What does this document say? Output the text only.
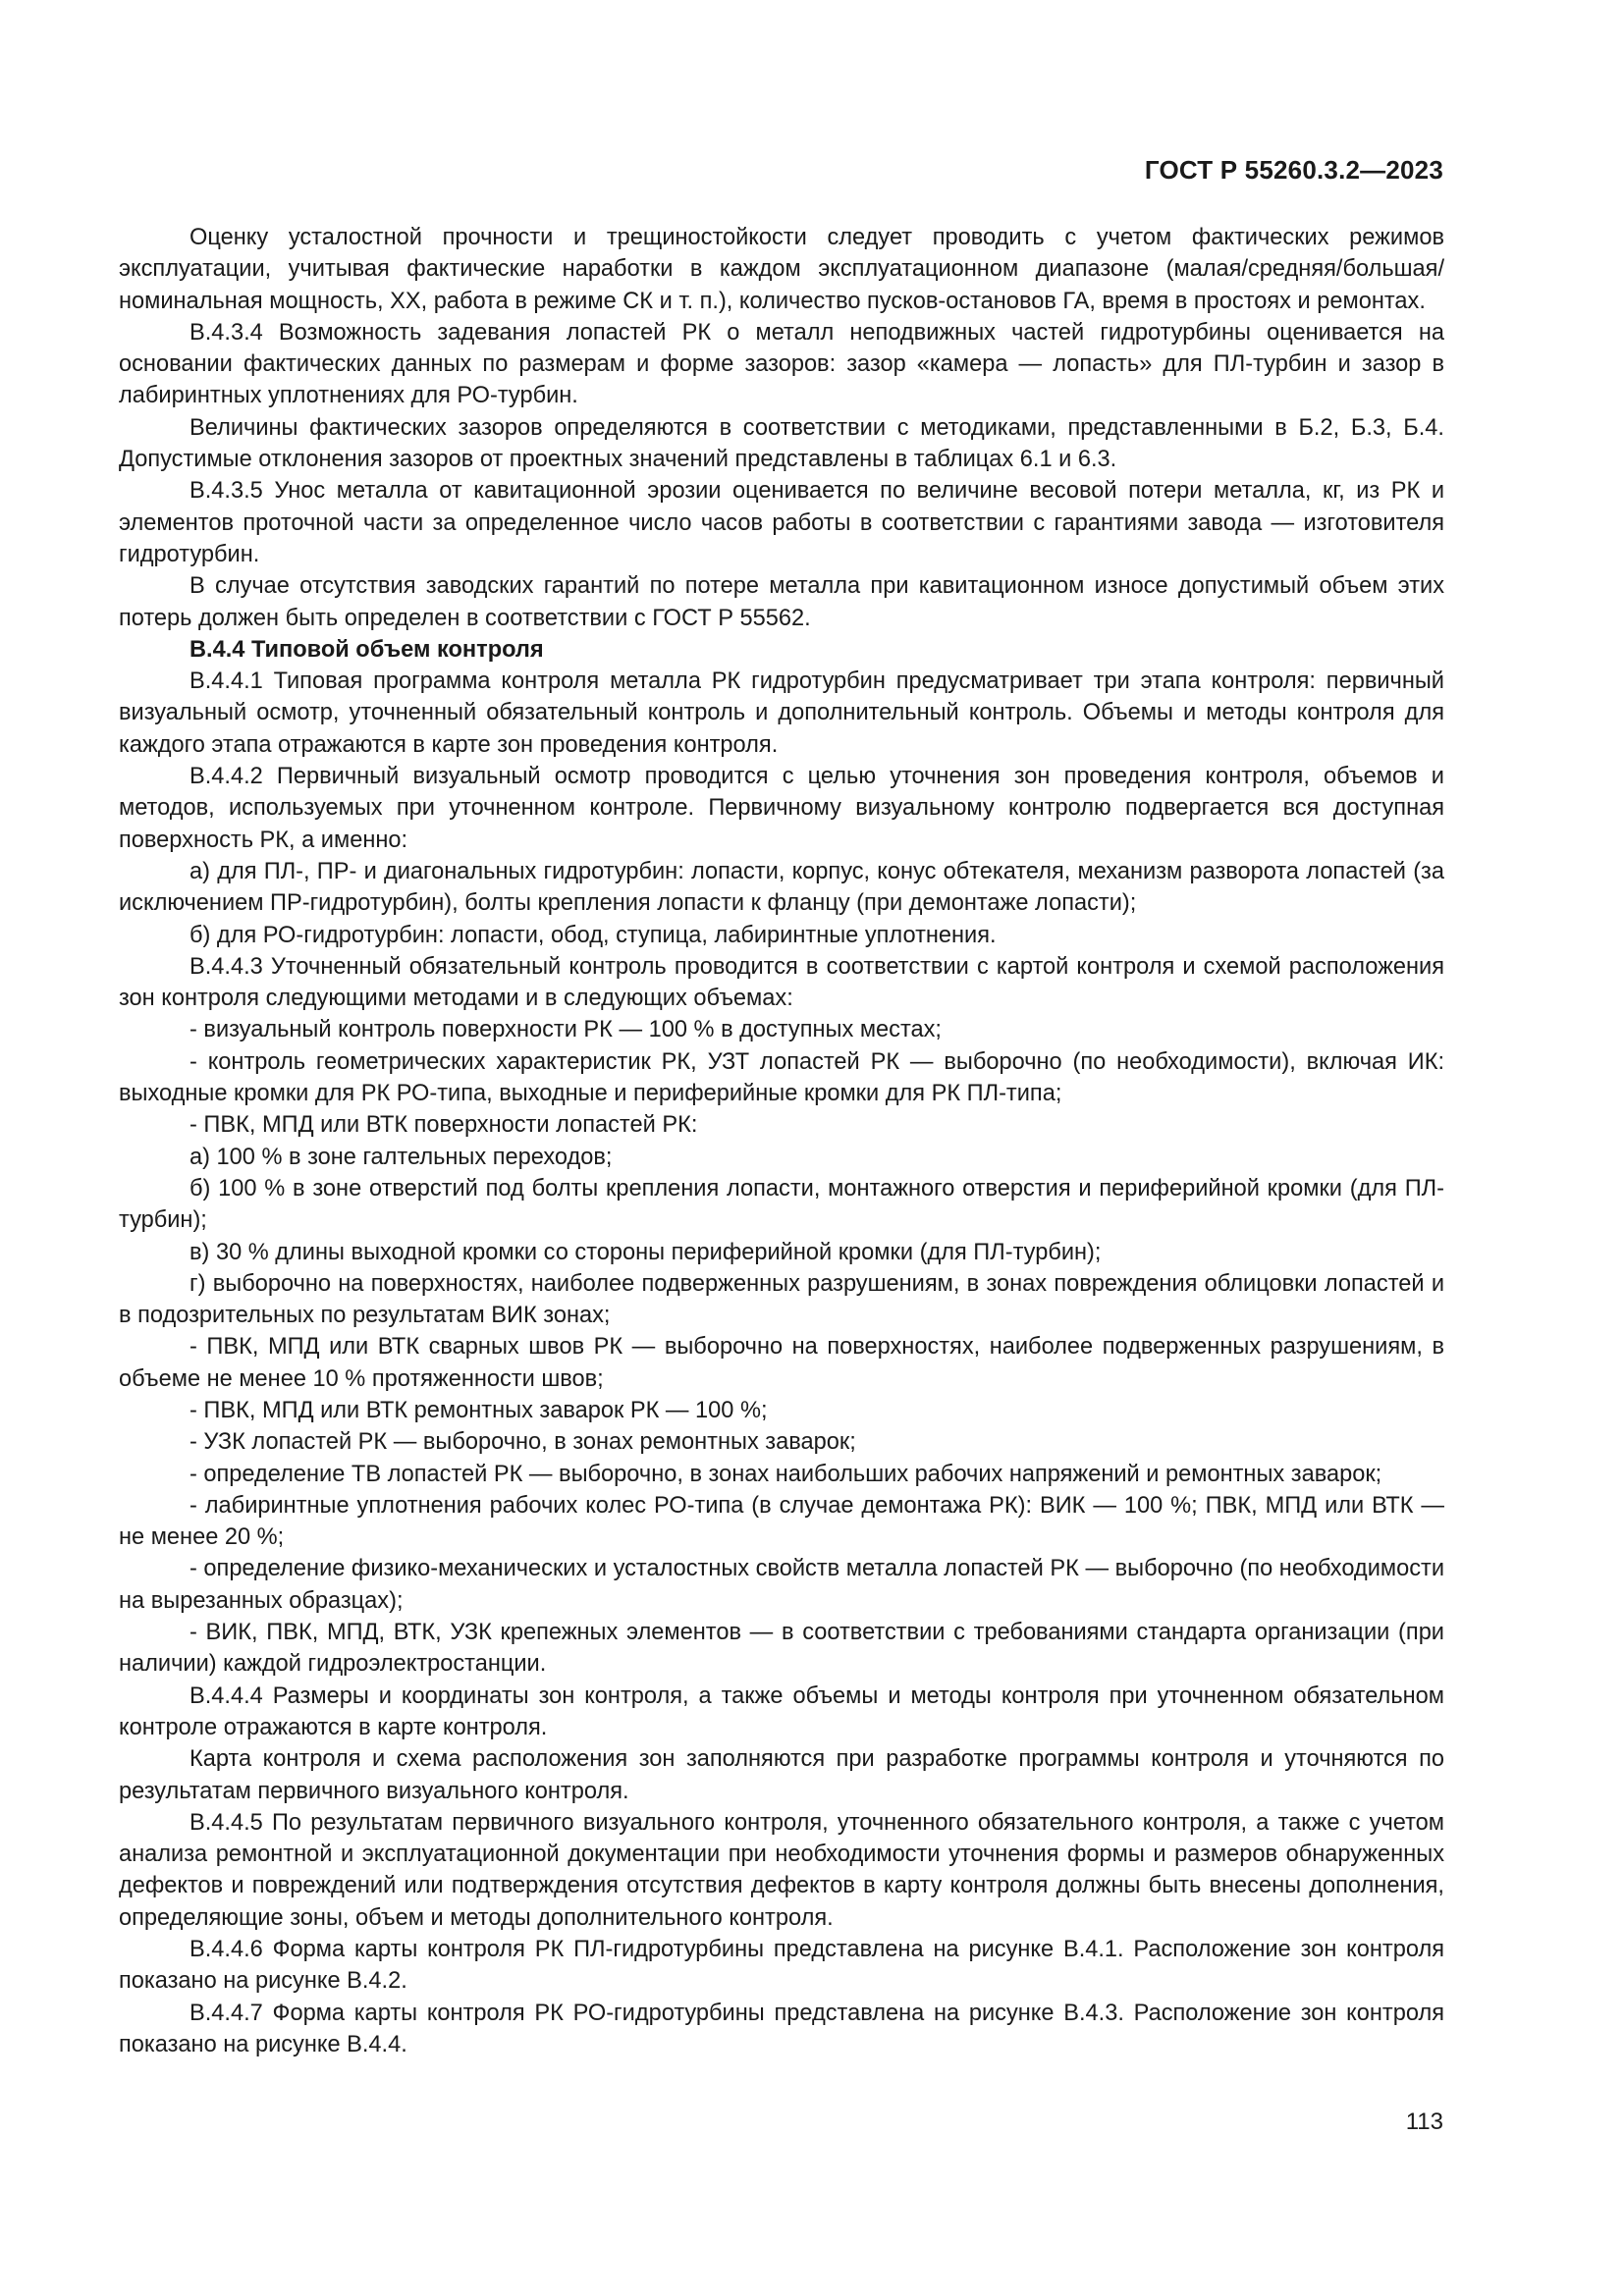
ГОСТ Р 55260.3.2—2023

Оценку усталостной прочности и трещиностойкости следует проводить с учетом фактических режимов эксплуатации, учитывая фактические наработки в каждом эксплуатационном диапазоне (малая/средняя/большая/номинальная мощность, ХХ, работа в режиме СК и т. п.), количество пусков-остановов ГА, время в простоях и ремонтах.

В.4.3.4 Возможность задевания лопастей РК о металл неподвижных частей гидротурбины оценивается на основании фактических данных по размерам и форме зазоров: зазор «камера — лопасть» для ПЛ-турбин и зазор в лабиринтных уплотнениях для РО-турбин.

Величины фактических зазоров определяются в соответствии с методиками, представленными в Б.2, Б.3, Б.4. Допустимые отклонения зазоров от проектных значений представлены в таблицах 6.1 и 6.3.

В.4.3.5 Унос металла от кавитационной эрозии оценивается по величине весовой потери металла, кг, из РК и элементов проточной части за определенное число часов работы в соответствии с гарантиями завода — изготовителя гидротурбин.

В случае отсутствия заводских гарантий по потере металла при кавитационном износе допустимый объем этих потерь должен быть определен в соответствии с ГОСТ Р 55562.

В.4.4 Типовой объем контроля

В.4.4.1 Типовая программа контроля металла РК гидротурбин предусматривает три этапа контроля: первичный визуальный осмотр, уточненный обязательный контроль и дополнительный контроль. Объемы и методы контроля для каждого этапа отражаются в карте зон проведения контроля.

В.4.4.2 Первичный визуальный осмотр проводится с целью уточнения зон проведения контроля, объемов и методов, используемых при уточненном контроле. Первичному визуальному контролю подвергается вся доступная поверхность РК, а именно:

а) для ПЛ-, ПР- и диагональных гидротурбин: лопасти, корпус, конус обтекателя, механизм разворота лопастей (за исключением ПР-гидротурбин), болты крепления лопасти к фланцу (при демонтаже лопасти);

б) для РО-гидротурбин: лопасти, обод, ступица, лабиринтные уплотнения.

В.4.4.3 Уточненный обязательный контроль проводится в соответствии с картой контроля и схемой расположения зон контроля следующими методами и в следующих объемах:

- визуальный контроль поверхности РК — 100 % в доступных местах;

- контроль геометрических характеристик РК, УЗТ лопастей РК — выборочно (по необходимости), включая ИК: выходные кромки для РК РО-типа, выходные и периферийные кромки для РК ПЛ-типа;

- ПВК, МПД или ВТК поверхности лопастей РК:

а) 100 % в зоне галтельных переходов;

б) 100 % в зоне отверстий под болты крепления лопасти, монтажного отверстия и периферийной кромки (для ПЛ-турбин);

в) 30 % длины выходной кромки со стороны периферийной кромки (для ПЛ-турбин);

г) выборочно на поверхностях, наиболее подверженных разрушениям, в зонах повреждения облицовки лопастей и в подозрительных по результатам ВИК зонах;

- ПВК, МПД или ВТК сварных швов РК — выборочно на поверхностях, наиболее подверженных разрушениям, в объеме не менее 10 % протяженности швов;

- ПВК, МПД или ВТК ремонтных заварок РК — 100 %;

- УЗК лопастей РК — выборочно, в зонах ремонтных заварок;

- определение ТВ лопастей РК — выборочно, в зонах наибольших рабочих напряжений и ремонтных заварок;

- лабиринтные уплотнения рабочих колес РО-типа (в случае демонтажа РК): ВИК — 100 %; ПВК, МПД или ВТК — не менее 20 %;

- определение физико-механических и усталостных свойств металла лопастей РК — выборочно (по необходимости на вырезанных образцах);

- ВИК, ПВК, МПД, ВТК, УЗК крепежных элементов — в соответствии с требованиями стандарта организации (при наличии) каждой гидроэлектростанции.

В.4.4.4 Размеры и координаты зон контроля, а также объемы и методы контроля при уточненном обязательном контроле отражаются в карте контроля.

Карта контроля и схема расположения зон заполняются при разработке программы контроля и уточняются по результатам первичного визуального контроля.

В.4.4.5 По результатам первичного визуального контроля, уточненного обязательного контроля, а также с учетом анализа ремонтной и эксплуатационной документации при необходимости уточнения формы и размеров обнаруженных дефектов и повреждений или подтверждения отсутствия дефектов в карту контроля должны быть внесены дополнения, определяющие зоны, объем и методы дополнительного контроля.

В.4.4.6 Форма карты контроля РК ПЛ-гидротурбины представлена на рисунке В.4.1. Расположение зон контроля показано на рисунке В.4.2.

В.4.4.7 Форма карты контроля РК РО-гидротурбины представлена на рисунке В.4.3. Расположение зон контроля показано на рисунке В.4.4.

113
